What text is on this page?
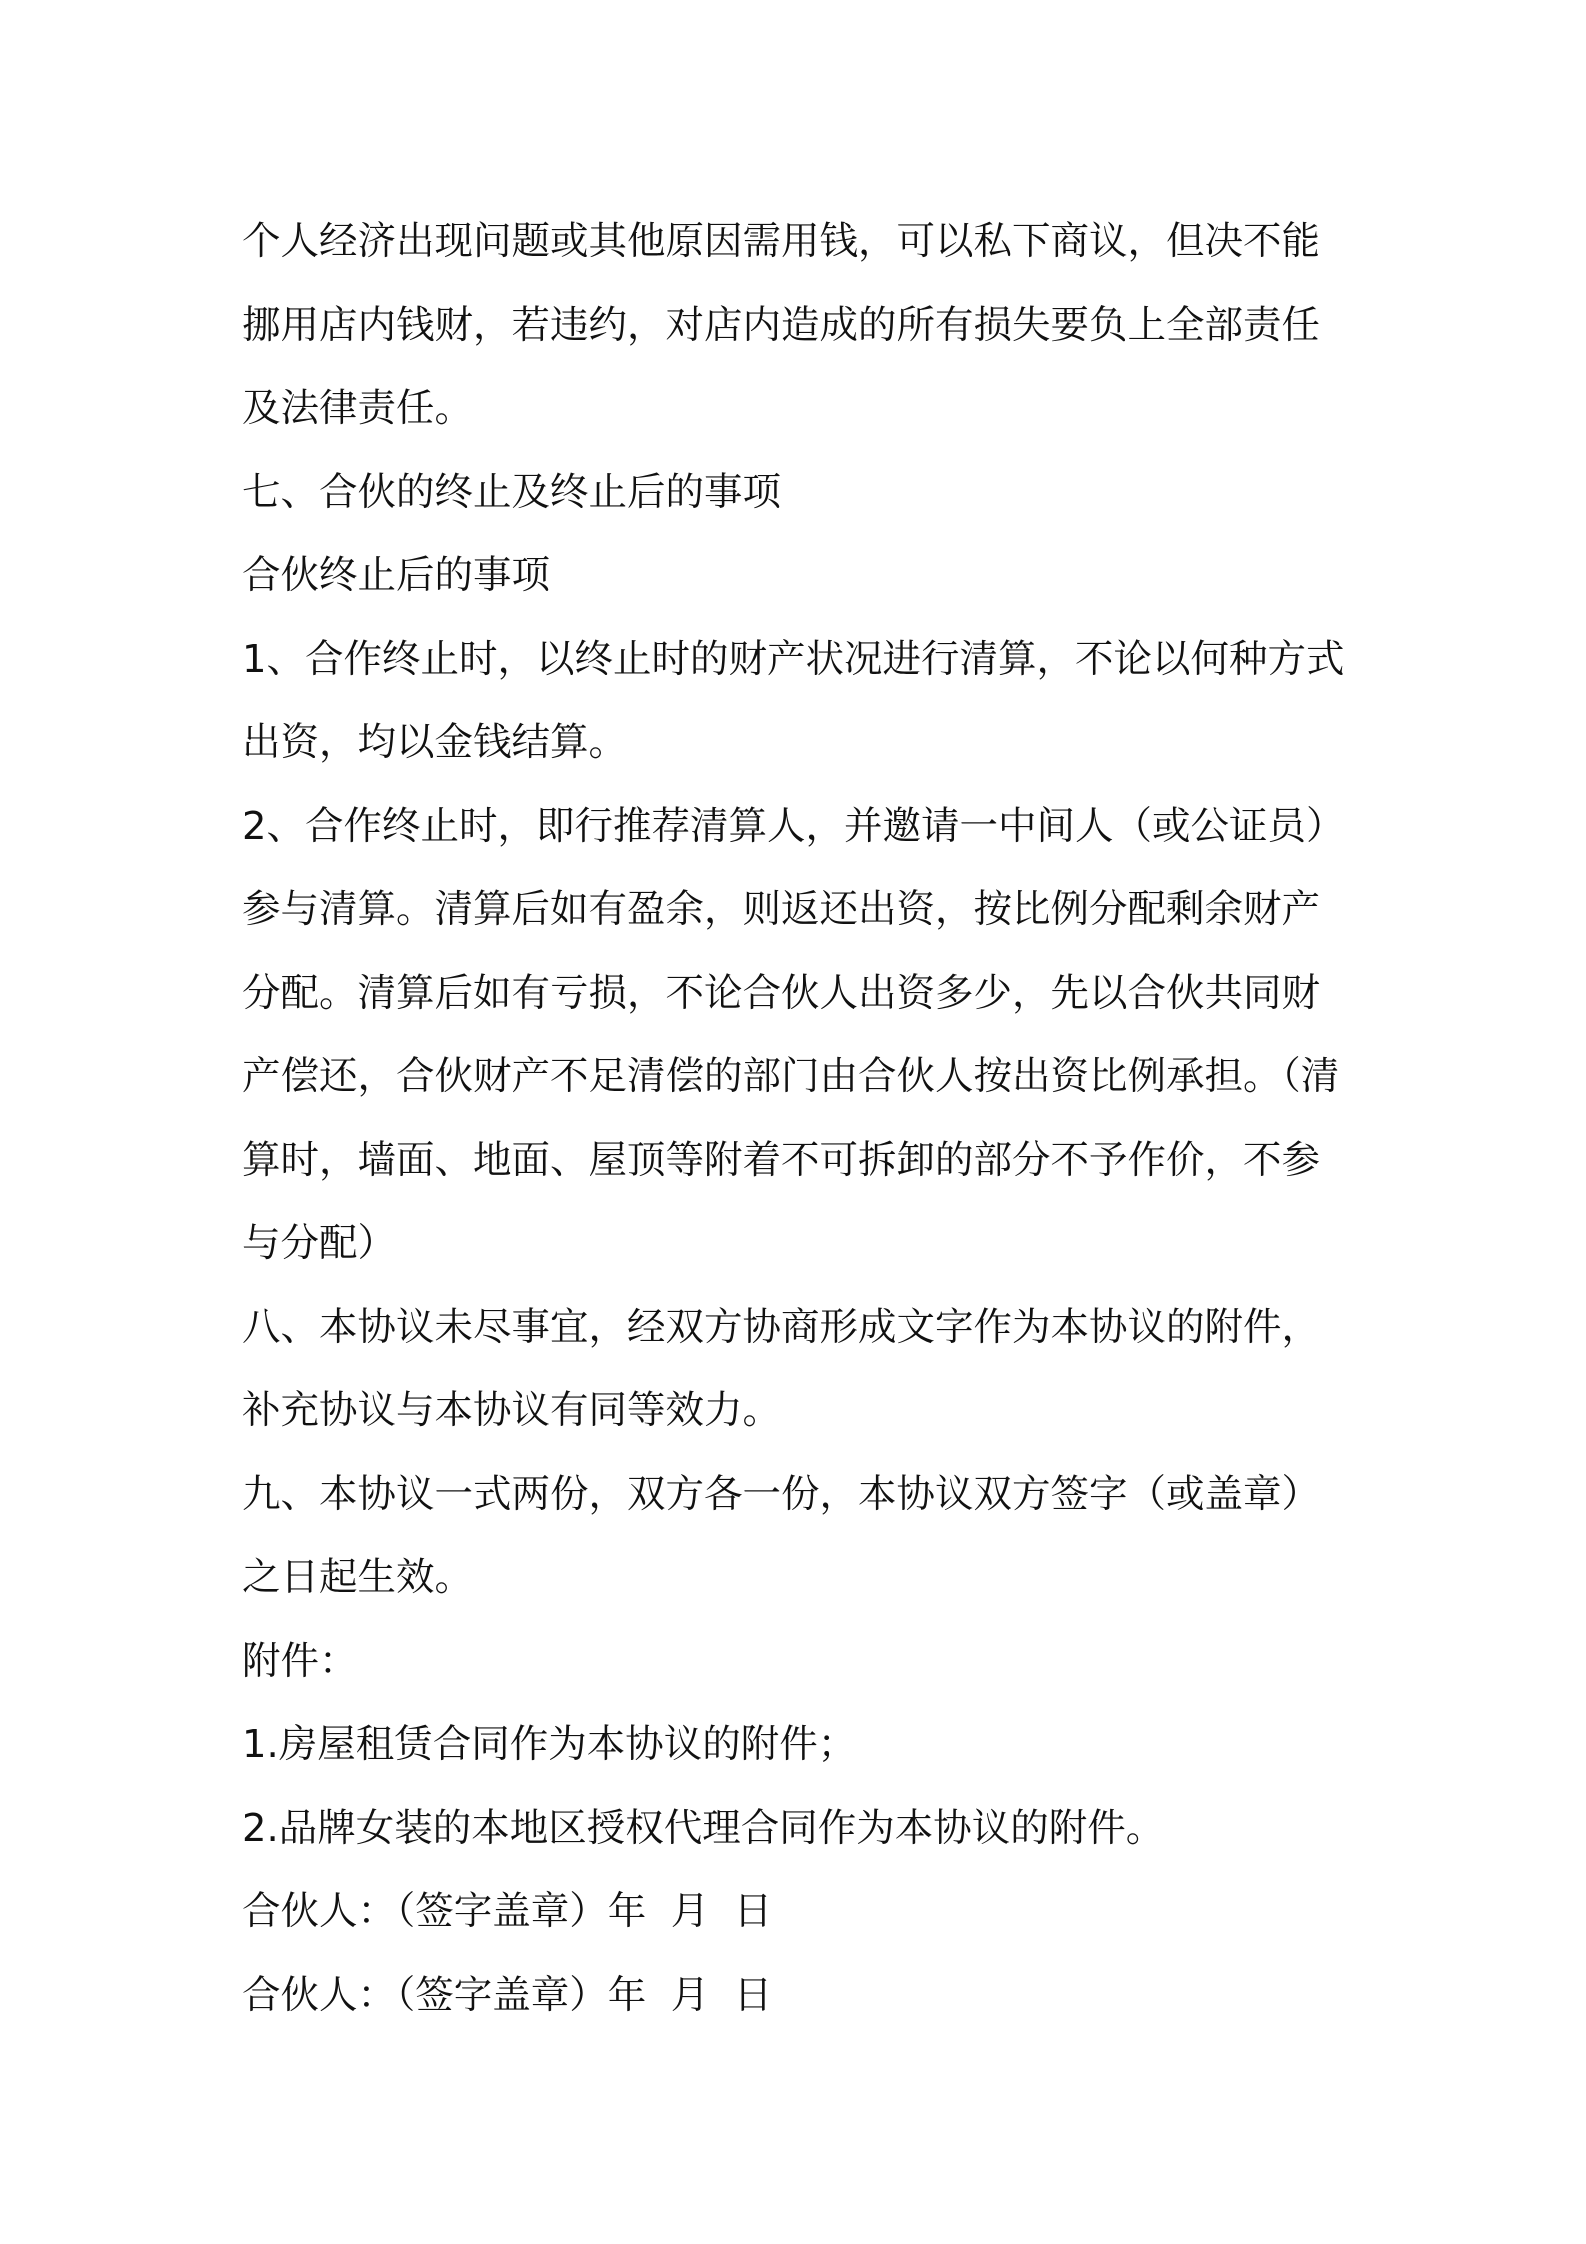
个人经济出现问题或其他原因需用钱，可以私下商议，但决不能挪用店内钱财，若违约，对店内造成的所有损失要负上全部责任及法律责任。

七、合伙的终止及终止后的事项

合伙终止后的事项

1、合作终止时，以终止时的财产状况进行清算，不论以何种方式出资，均以金钱结算。

2、合作终止时，即行推荐清算人，并邀请一中间人（或公证员）参与清算。清算后如有盈余，则返还出资，按比例分配剩余财产分配。清算后如有亏损，不论合伙人出资多少，先以合伙共同财产偿还，合伙财产不足清偿的部门由合伙人按出资比例承担。（清算时，墙面、地面、屋顶等附着不可拆卸的部分不予作价，不参与分配）

八、本协议未尽事宜，经双方协商形成文字作为本协议的附件，补充协议与本协议有同等效力。

九、本协议一式两份，双方各一份，本协议双方签字（或盖章）之日起生效。

附件：

1.房屋租赁合同作为本协议的附件；

2.品牌女装的本地区授权代理合同作为本协议的附件。

合伙人：（签字盖章）年  月  日

合伙人：（签字盖章）年  月  日
